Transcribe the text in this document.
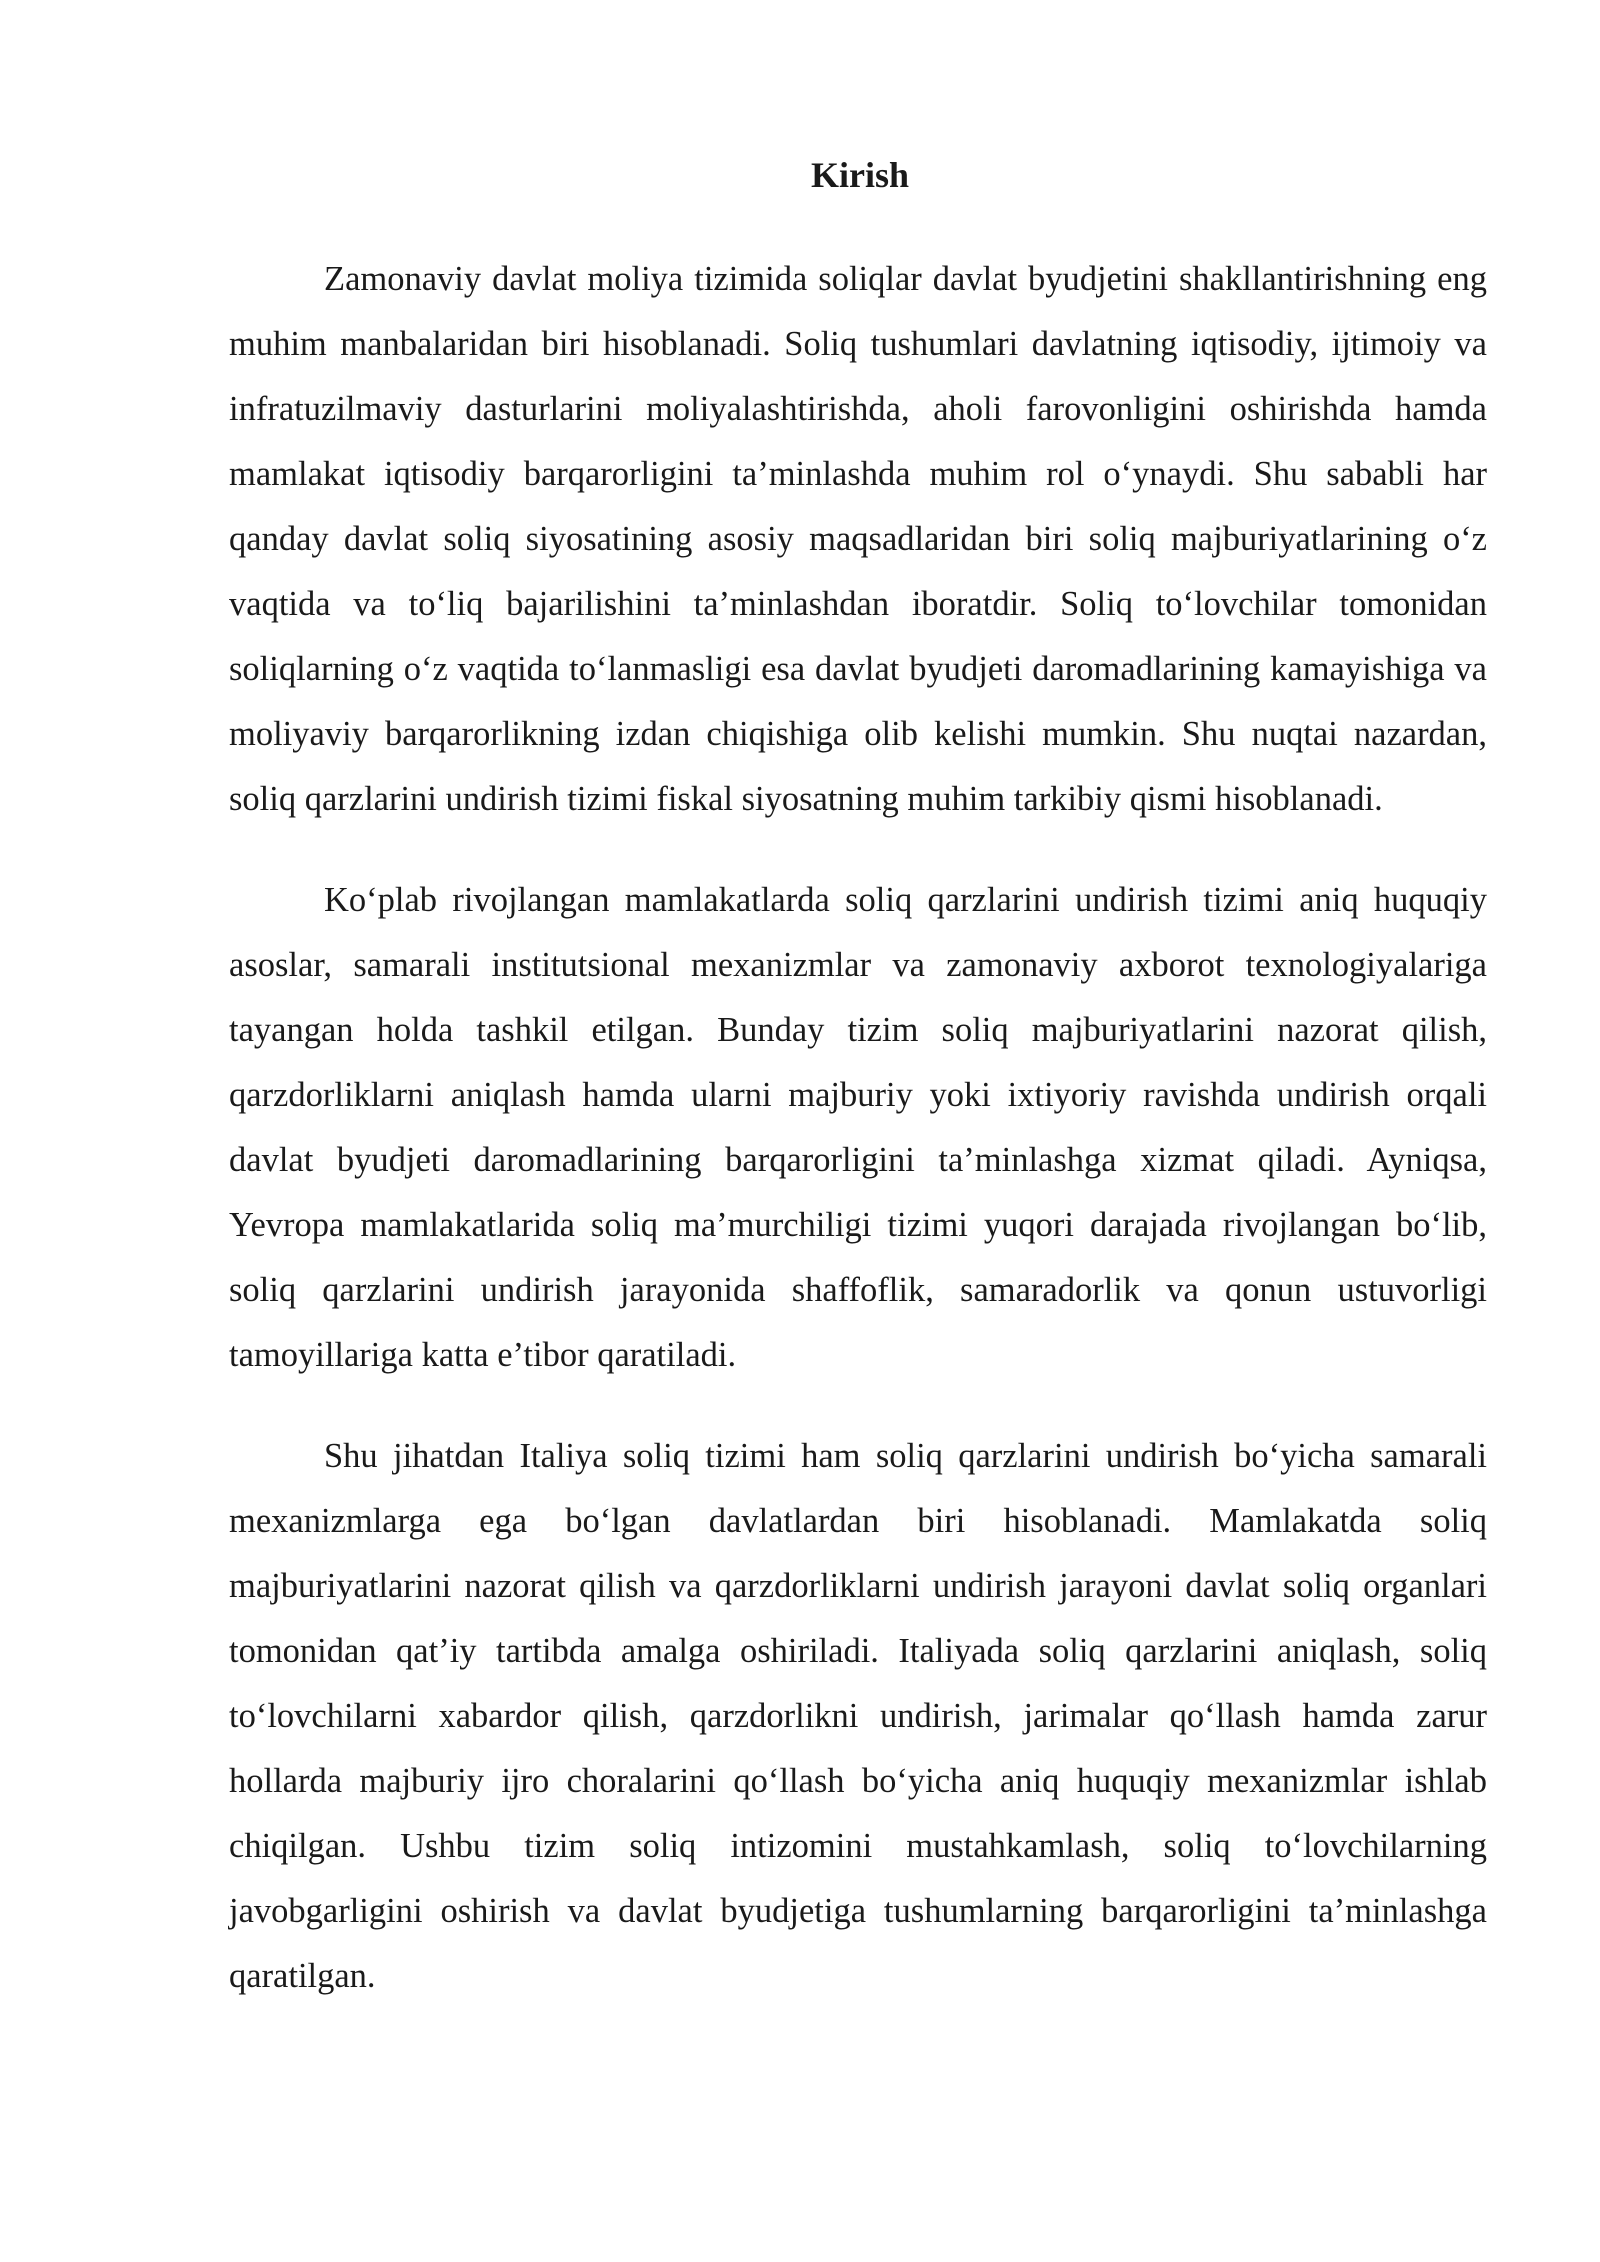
Kirish

Zamonaviy davlat moliya tizimida soliqlar davlat byudjetini shakllantirishning eng muhim manbalaridan biri hisoblanadi. Soliq tushumlari davlatning iqtisodiy, ijtimoiy va infratuzilmaviy dasturlarini moliyalashtirishda, aholi farovonligini oshirishda hamda mamlakat iqtisodiy barqarorligini ta’minlashda muhim rol o‘ynaydi. Shu sababli har qanday davlat soliq siyosatining asosiy maqsadlaridan biri soliq majburiyatlarining o‘z vaqtida va to‘liq bajarilishini ta’minlashdan iboratdir. Soliq to‘lovchilar tomonidan soliqlarning o‘z vaqtida to‘lanmasligi esa davlat byudjeti daromadlarining kamayishiga va moliyaviy barqarorlikning izdan chiqishiga olib kelishi mumkin. Shu nuqtai nazardan, soliq qarzlarini undirish tizimi fiskal siyosatning muhim tarkibiy qismi hisoblanadi.

Ko‘plab rivojlangan mamlakatlarda soliq qarzlarini undirish tizimi aniq huquqiy asoslar, samarali institutsional mexanizmlar va zamonaviy axborot texnologiyalariga tayangan holda tashkil etilgan. Bunday tizim soliq majburiyatlarini nazorat qilish, qarzdorliklarni aniqlash hamda ularni majburiy yoki ixtiyoriy ravishda undirish orqali davlat byudjeti daromadlarining barqarorligini ta’minlashga xizmat qiladi. Ayniqsa, Yevropa mamlakatlarida soliq ma’murchiligi tizimi yuqori darajada rivojlangan bo‘lib, soliq qarzlarini undirish jarayonida shaffoflik, samaradorlik va qonun ustuvorligi tamoyillariga katta e’tibor qaratiladi.

Shu jihatdan Italiya soliq tizimi ham soliq qarzlarini undirish bo‘yicha samarali mexanizmlarga ega bo‘lgan davlatlardan biri hisoblanadi. Mamlakatda soliq majburiyatlarini nazorat qilish va qarzdorliklarni undirish jarayoni davlat soliq organlari tomonidan qat’iy tartibda amalga oshiriladi. Italiyada soliq qarzlarini aniqlash, soliq to‘lovchilarni xabardor qilish, qarzdorlikni undirish, jarimalar qo‘llash hamda zarur hollarda majburiy ijro choralarini qo‘llash bo‘yicha aniq huquqiy mexanizmlar ishlab chiqilgan. Ushbu tizim soliq intizomini mustahkamlash, soliq to‘lovchilarning javobgarligini oshirish va davlat byudjetiga tushumlarning barqarorligini ta’minlashga qaratilgan.
